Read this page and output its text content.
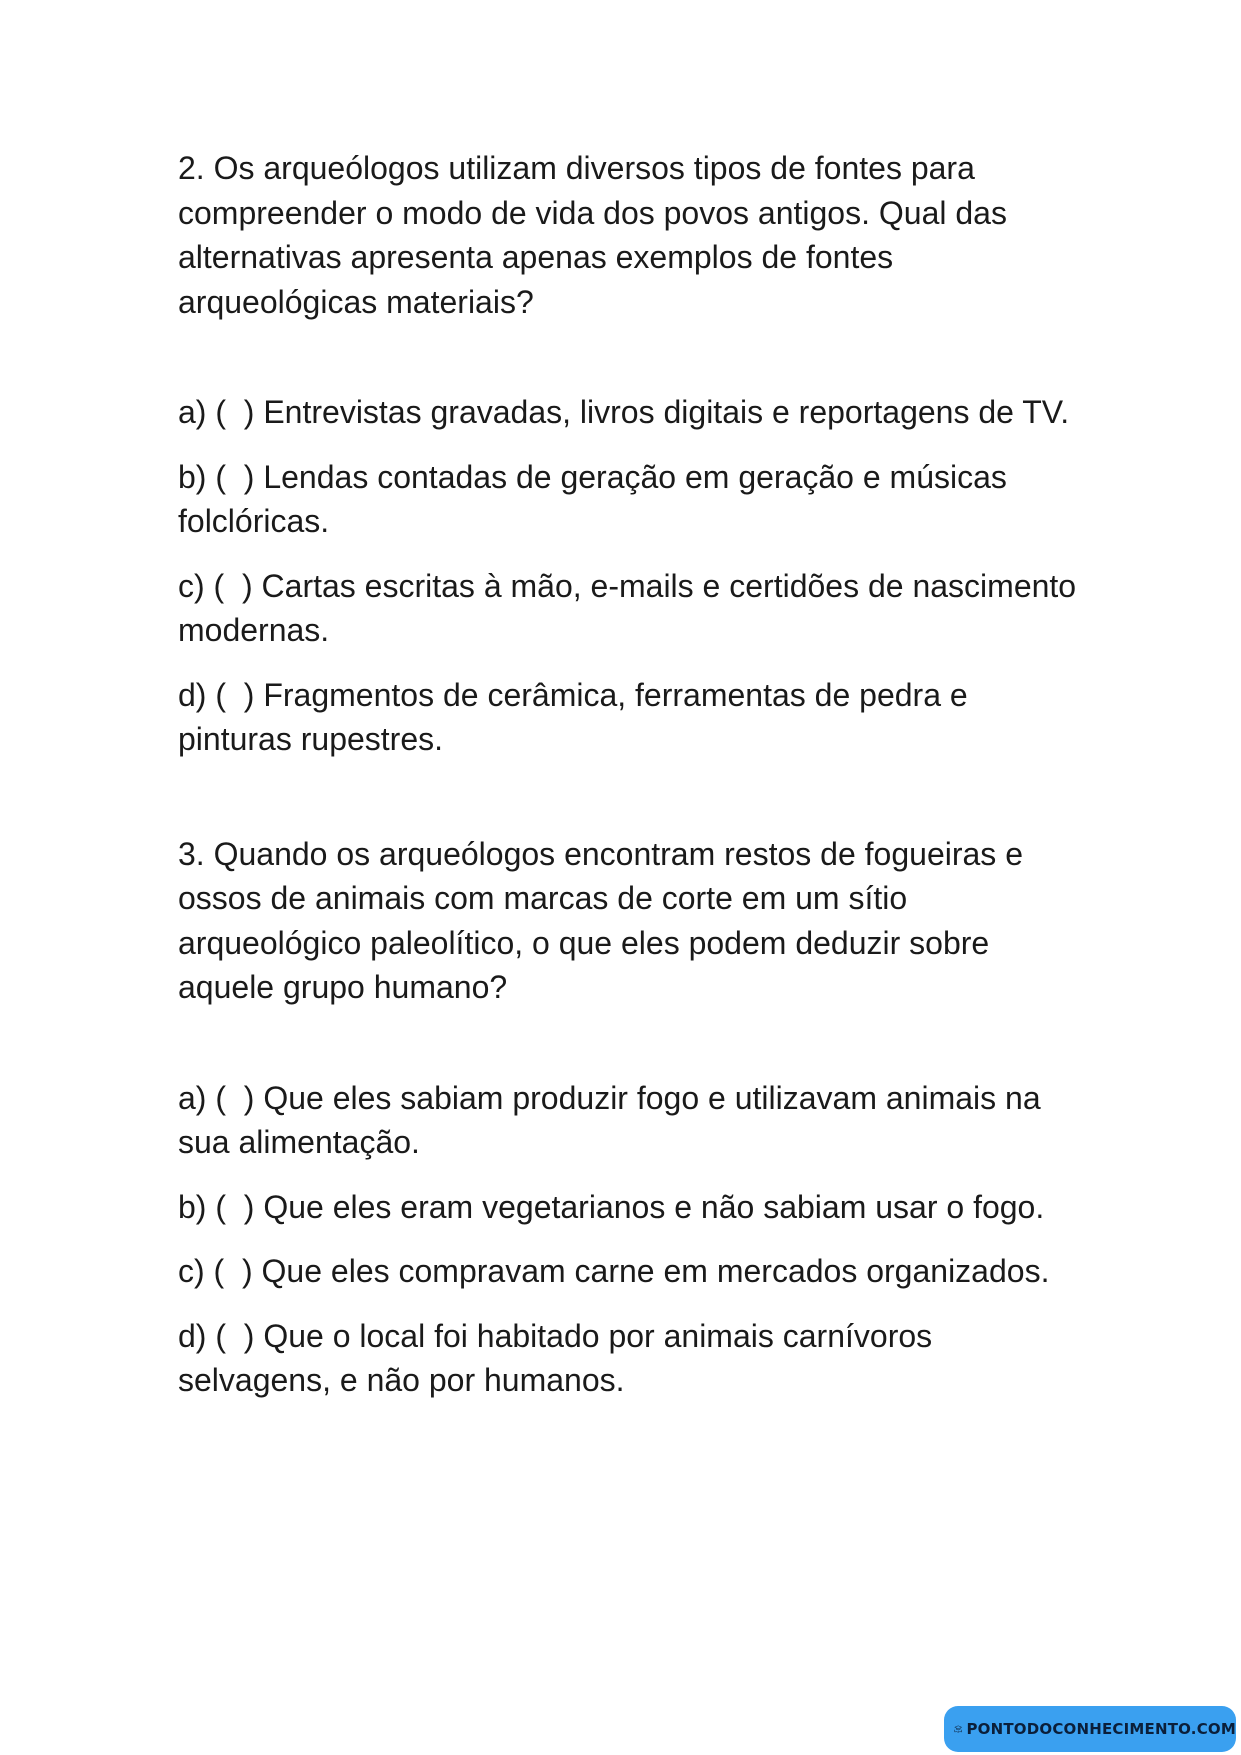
2. Os arqueólogos utilizam diversos tipos de fontes para compreender o modo de vida dos povos antigos. Qual das alternativas apresenta apenas exemplos de fontes arqueológicas materiais?

a) (  ) Entrevistas gravadas, livros digitais e reportagens de TV.

b) (  ) Lendas contadas de geração em geração e músicas folclóricas.

c) (  ) Cartas escritas à mão, e-mails e certidões de nascimento modernas.

d) (  ) Fragmentos de cerâmica, ferramentas de pedra e pinturas rupestres.

3. Quando os arqueólogos encontram restos de fogueiras e ossos de animais com marcas de corte em um sítio arqueológico paleolítico, o que eles podem deduzir sobre aquele grupo humano?

a) (  ) Que eles sabiam produzir fogo e utilizavam animais na sua alimentação.

b) (  ) Que eles eram vegetarianos e não sabiam usar o fogo.

c) (  ) Que eles compravam carne em mercados organizados.

d) (  ) Que o local foi habitado por animais carnívoros selvagens, e não por humanos.

PONTODOCONHECIMENTO.COM
